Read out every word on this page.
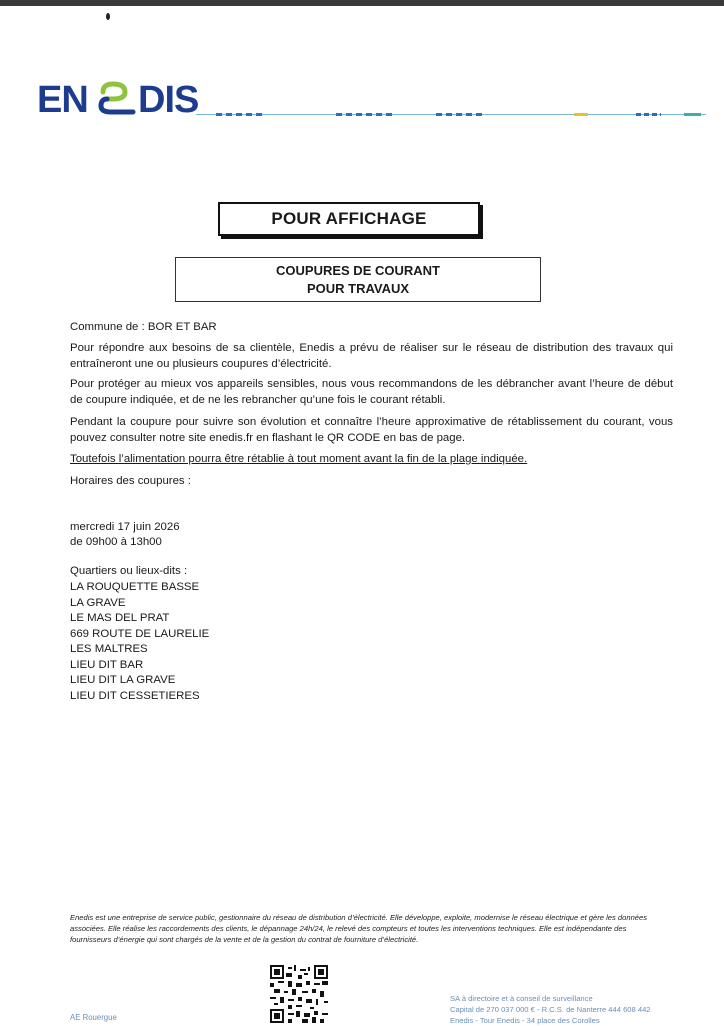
EN DIS
POUR AFFICHAGE
COUPURES DE COURANT
POUR TRAVAUX
Commune de : BOR ET BAR
Pour répondre aux besoins de sa clientèle, Enedis a prévu de réaliser sur le réseau de distribution des travaux qui entraîneront une ou plusieurs coupures d’électricité.
Pour protéger au mieux vos appareils sensibles, nous vous recommandons de les débrancher avant l’heure de début de coupure indiquée, et de ne les rebrancher qu’une fois le courant rétabli.
Pendant la coupure pour suivre son évolution et connaître l’heure approximative de rétablissement du courant, vous pouvez consulter notre site enedis.fr en flashant le QR CODE en bas de page.
Toutefois l’alimentation pourra être rétablie à tout moment avant la fin de la plage indiquée.
Horaires des coupures :
mercredi 17 juin 2026
de 09h00 à 13h00
Quartiers ou lieux-dits :
LA ROUQUETTE BASSE
LA GRAVE
LE MAS DEL PRAT
669 ROUTE DE LAURELIE
LES MALTRES
LIEU DIT BAR
LIEU DIT LA GRAVE
LIEU DIT CESSETIERES
Enedis est une entreprise de service public, gestionnaire du réseau de distribution d’électricité. Elle développe, exploite, modernise le réseau électrique et gère les données associées. Elle réalise les raccordements des clients, le dépannage 24h/24, le relevé des compteurs et toutes les interventions techniques. Elle est indépendante des fournisseurs d’énergie qui sont chargés de la vente et de la gestion du contrat de fourniture d’électricité.
AE Rouergue
SA à directoire et à conseil de surveillance
Capital de 270 037 000 € - R.C.S. de Nanterre 444 608 442
Enedis - Tour Enedis - 34 place des Corolles
